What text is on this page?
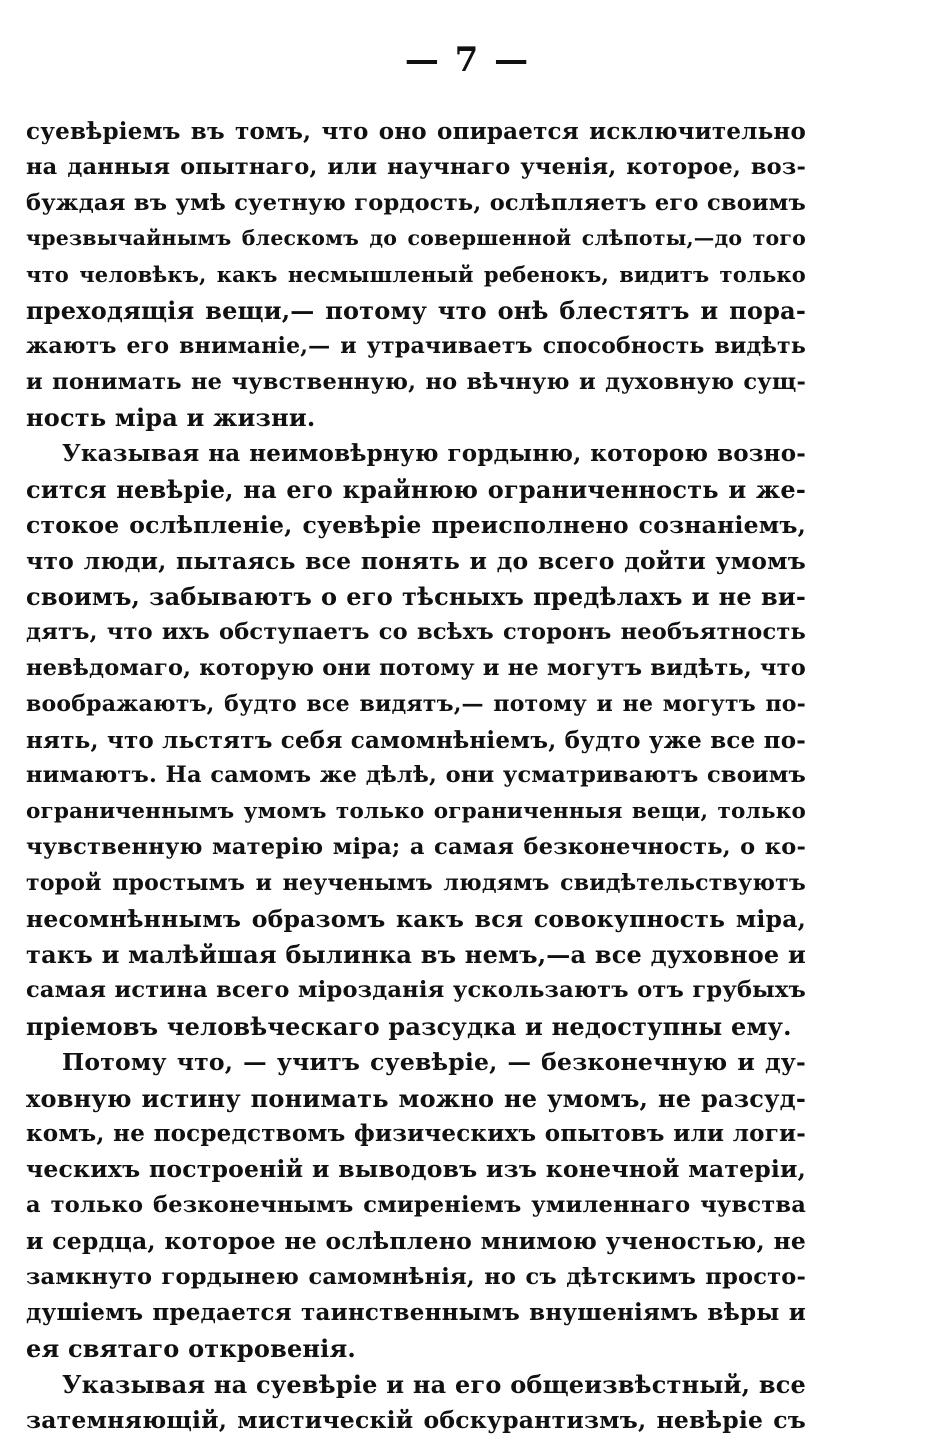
— 7 —
суевѣріемъ въ томъ, что оно опирается исключительно
на данныя опытнаго, или научнаго ученія, которое, воз-
буждая въ умѣ суетную гордость, ослѣпляетъ его своимъ
чрезвычайнымъ блескомъ до совершенной слѣпоты,—до того
что человѣкъ, какъ несмышленый ребенокъ, видитъ только
преходящія вещи,— потому что онѣ блестятъ и пора-
жаютъ его вниманіе,— и утрачиваетъ способность видѣть
и понимать не чувственную, но вѣчную и духовную сущ-
ность міра и жизни.
Указывая на неимовѣрную гордыню, которою возно-
сится невѣріе, на его крайнюю ограниченность и же-
стокое ослѣпленіе, суевѣріе преисполнено сознаніемъ,
что люди, пытаясь все понять и до всего дойти умомъ
своимъ, забываютъ о его тѣсныхъ предѣлахъ и не ви-
дятъ, что ихъ обступаетъ со всѣхъ сторонъ необъятность
невѣдомаго, которую они потому и не могутъ видѣть, что
воображаютъ, будто все видятъ,— потому и не могутъ по-
нять, что льстятъ себя самомнѣніемъ, будто уже все по-
нимаютъ. На самомъ же дѣлѣ, они усматриваютъ своимъ
ограниченнымъ умомъ только ограниченныя вещи, только
чувственную матерію міра; а самая безконечность, о ко-
торой простымъ и неученымъ людямъ свидѣтельствуютъ
несомнѣннымъ образомъ какъ вся совокупность міра,
такъ и малѣйшая былинка въ немъ,—а все духовное и
самая истина всего мірозданія ускользаютъ отъ грубыхъ
пріемовъ человѣческаго разсудка и недоступны ему.
Потому что, — учитъ суевѣріе, — безконечную и ду-
ховную истину понимать можно не умомъ, не разсуд-
комъ, не посредствомъ физическихъ опытовъ или логи-
ческихъ построеній и выводовъ изъ конечной матеріи,
а только безконечнымъ смиреніемъ умиленнаго чувства
и сердца, которое не ослѣплено мнимою ученостью, не
замкнуто гордынею самомнѣнія, но съ дѣтскимъ просто-
душіемъ предается таинственнымъ внушеніямъ вѣры и
ея святаго откровенія.
Указывая на суевѣріе и на его общеизвѣстный, все
затемняющій, мистическій обскурантизмъ, невѣріе съ
